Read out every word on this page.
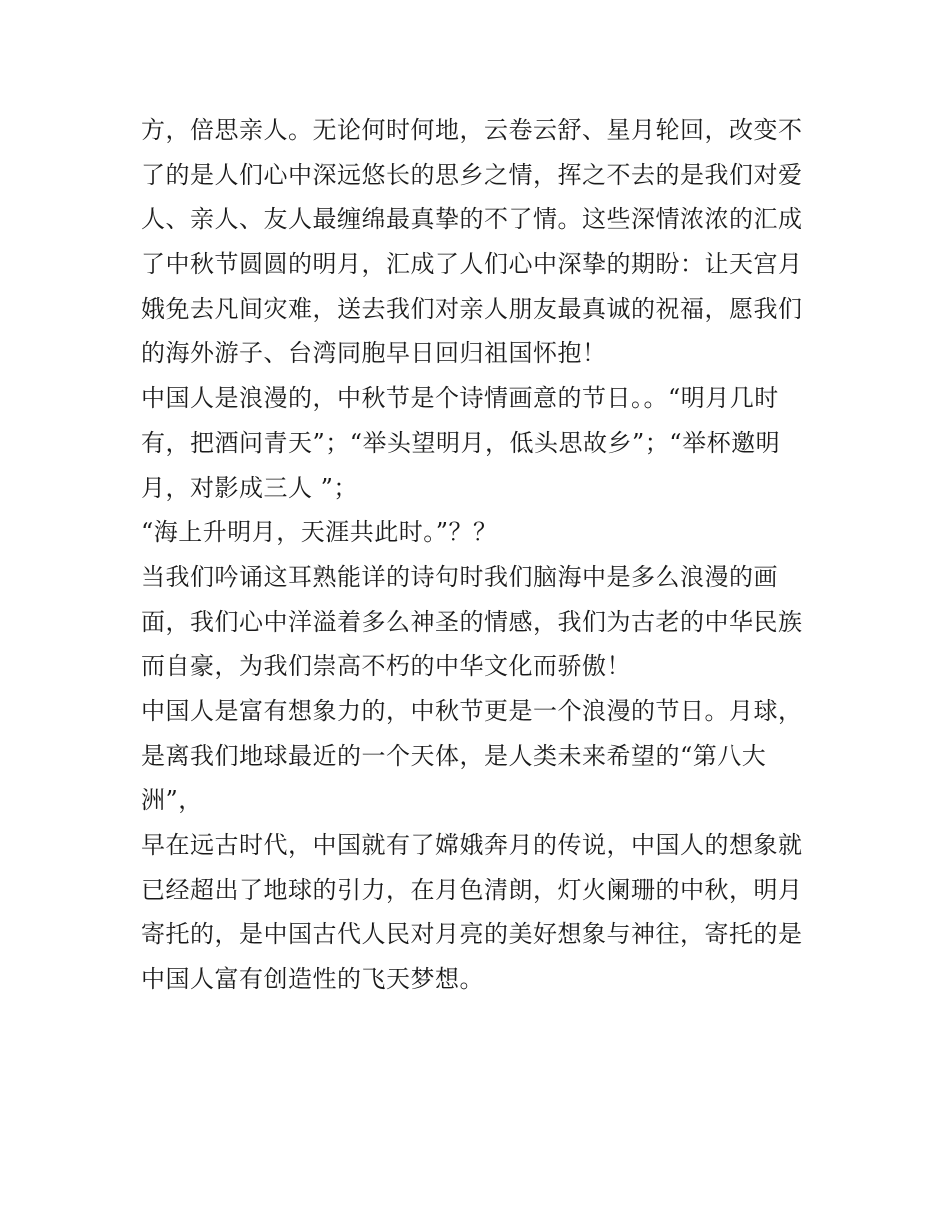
方，倍思亲人。无论何时何地，云卷云舒、星月轮回，改变不
了的是人们心中深远悠长的思乡之情，挥之不去的是我们对爱
人、亲人、友人最缠绵最真挚的不了情。这些深情浓浓的汇成
了中秋节圆圆的明月，汇成了人们心中深挚的期盼：让天宫月
娥免去凡间灾难，送去我们对亲人朋友最真诚的祝福，愿我们
的海外游子、台湾同胞早日回归祖国怀抱！
中国人是浪漫的，中秋节是个诗情画意的节日。。“明月几时
有，把酒问青天”；“举头望明月，低头思故乡”；“举杯邀明
月，对影成三人 ”；
“海上升明月，天涯共此时。”？？
当我们吟诵这耳熟能详的诗句时我们脑海中是多么浪漫的画
面，我们心中洋溢着多么神圣的情感，我们为古老的中华民族
而自豪，为我们崇高不朽的中华文化而骄傲！
中国人是富有想象力的，中秋节更是一个浪漫的节日。月球，
是离我们地球最近的一个天体，是人类未来希望的“第八大
洲”，
早在远古时代，中国就有了嫦娥奔月的传说，中国人的想象就
已经超出了地球的引力，在月色清朗，灯火阑珊的中秋，明月
寄托的，是中国古代人民对月亮的美好想象与神往，寄托的是
中国人富有创造性的飞天梦想。
